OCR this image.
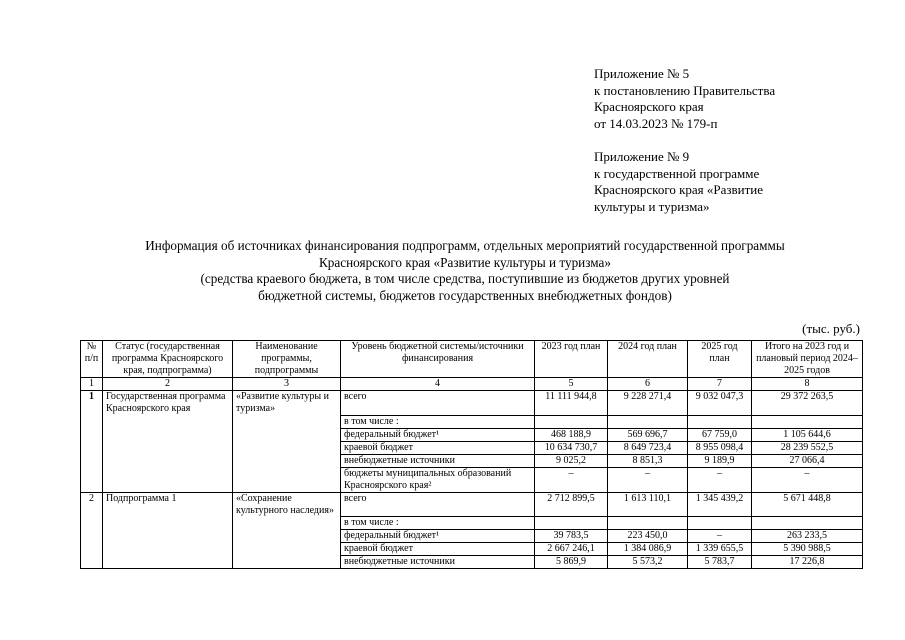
Приложение № 5
к постановлению Правительства
Красноярского края
от 14.03.2023 № 179-п
Приложение № 9
к государственной программе
Красноярского края «Развитие
культуры и туризма»
Информация об источниках финансирования подпрограмм, отдельных мероприятий государственной программы
Красноярского края «Развитие культуры и туризма»
(средства краевого бюджета, в том числе средства, поступившие из бюджетов других уровней
бюджетной системы, бюджетов государственных внебюджетных фондов)
(тыс. руб.)
№ п/п	Статус (государственная программа Красноярского края, подпрограмма)	Наименование программы, подпрограммы	Уровень бюджетной системы/источники финансирования	2023 год план	2024 год план	2025 год план	Итого на 2023 год и плановый период 2024–2025 годов
1	2	3	4	5	6	7	8
1	Государственная программа Красноярского края	«Развитие культуры и туризма»	всего	11 111 944,8	9 228 271,4	9 032 047,3	29 372 263,5
			в том числе :				
			федеральный бюджет¹	468 188,9	569 696,7	67 759,0	1 105 644,6
			краевой бюджет	10 634 730,7	8 649 723,4	8 955 098,4	28 239 552,5
			внебюджетные источники	9 025,2	8 851,3	9 189,9	27 066,4
			бюджеты муниципальных образований Красноярского края²	–	–	–	–
2	Подпрограмма 1	«Сохранение культурного наследия»	всего	2 712 899,5	1 613 110,1	1 345 439,2	5 671 448,8
			в том числе :				
			федеральный бюджет¹	39 783,5	223 450,0	–	263 233,5
			краевой бюджет	2 667 246,1	1 384 086,9	1 339 655,5	5 390 988,5
			внебюджетные источники	5 869,9	5 573,2	5 783,7	17 226,8
